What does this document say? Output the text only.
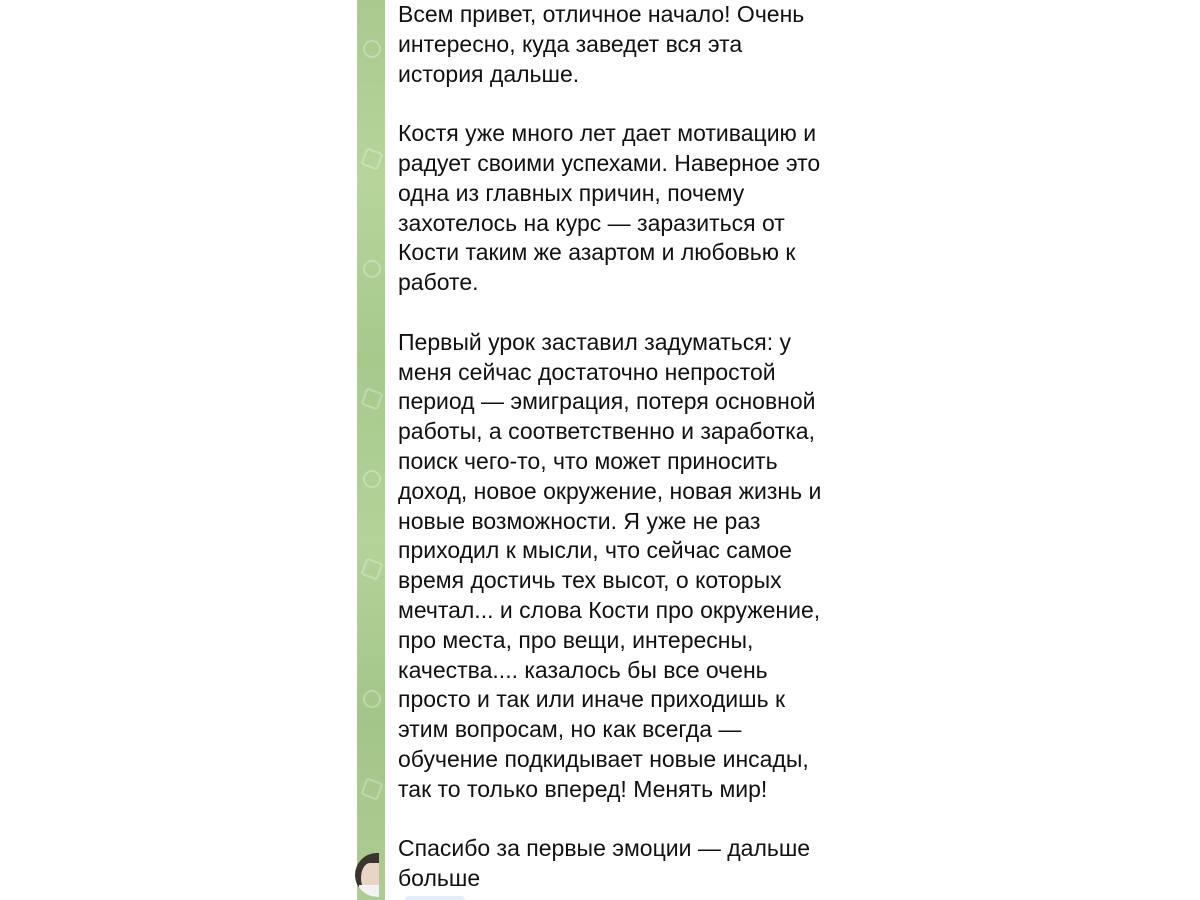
Всем привет, отличное начало! Очень
интересно, куда заведет вся эта
история дальше.
Костя уже много лет дает мотивацию и
радует своими успехами. Наверное это
одна из главных причин, почему
захотелось на курс — заразиться от
Кости таким же азартом и любовью к
работе.
Первый урок заставил задуматься: у
меня сейчас достаточно непростой
период — эмиграция, потеря основной
работы, а соответственно и заработка,
поиск чего-то, что может приносить
доход, новое окружение, новая жизнь и
новые возможности. Я уже не раз
приходил к мысли, что сейчас самое
время достичь тех высот, о которых
мечтал... и слова Кости про окружение,
про места, про вещи, интересны,
качества.... казалось бы все очень
просто и так или иначе приходишь к
этим вопросам, но как всегда —
обучение подкидывает новые инсады,
так то только вперед! Менять мир!
Спасибо за первые эмоции — дальше
больше
